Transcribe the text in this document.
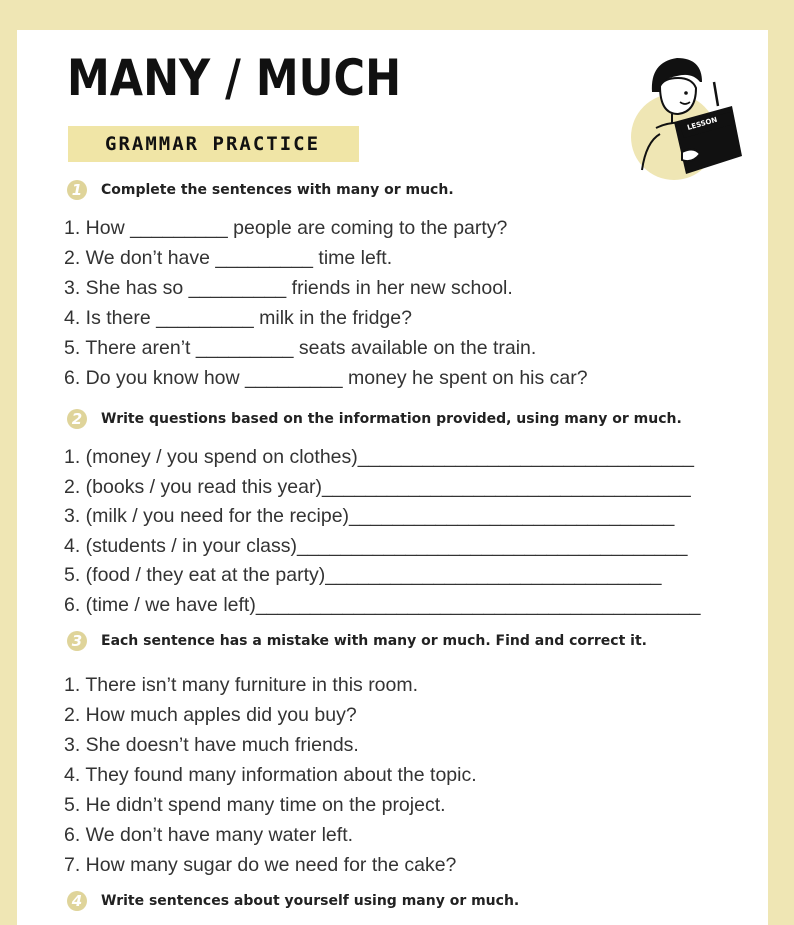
MANY / MUCH
GRAMMAR PRACTICE
LESSON
1	Complete the sentences with many or much.
1. How _________ people are coming to the party?
2. We don’t have _________ time left.
3. She has so _________ friends in her new school.
4. Is there _________ milk in the fridge?
5. There aren’t _________ seats available on the train.
6. Do you know how _________ money he spent on his car?
2	Write questions based on the information provided, using many or much.
1. (money / you spend on clothes)_______________________________
2. (books / you read this year)__________________________________
3. (milk / you need for the recipe)______________________________
4. (students / in your class)____________________________________
5. (food / they eat at the party)_______________________________
6. (time / we have left)_________________________________________
3	Each sentence has a mistake with many or much. Find and correct it.
1. There isn’t many furniture in this room.
2. How much apples did you buy?
3. She doesn’t have much friends.
4. They found many information about the topic.
5. He didn’t spend many time on the project.
6. We don’t have many water left.
7. How many sugar do we need for the cake?
4	Write sentences about yourself using many or much.
